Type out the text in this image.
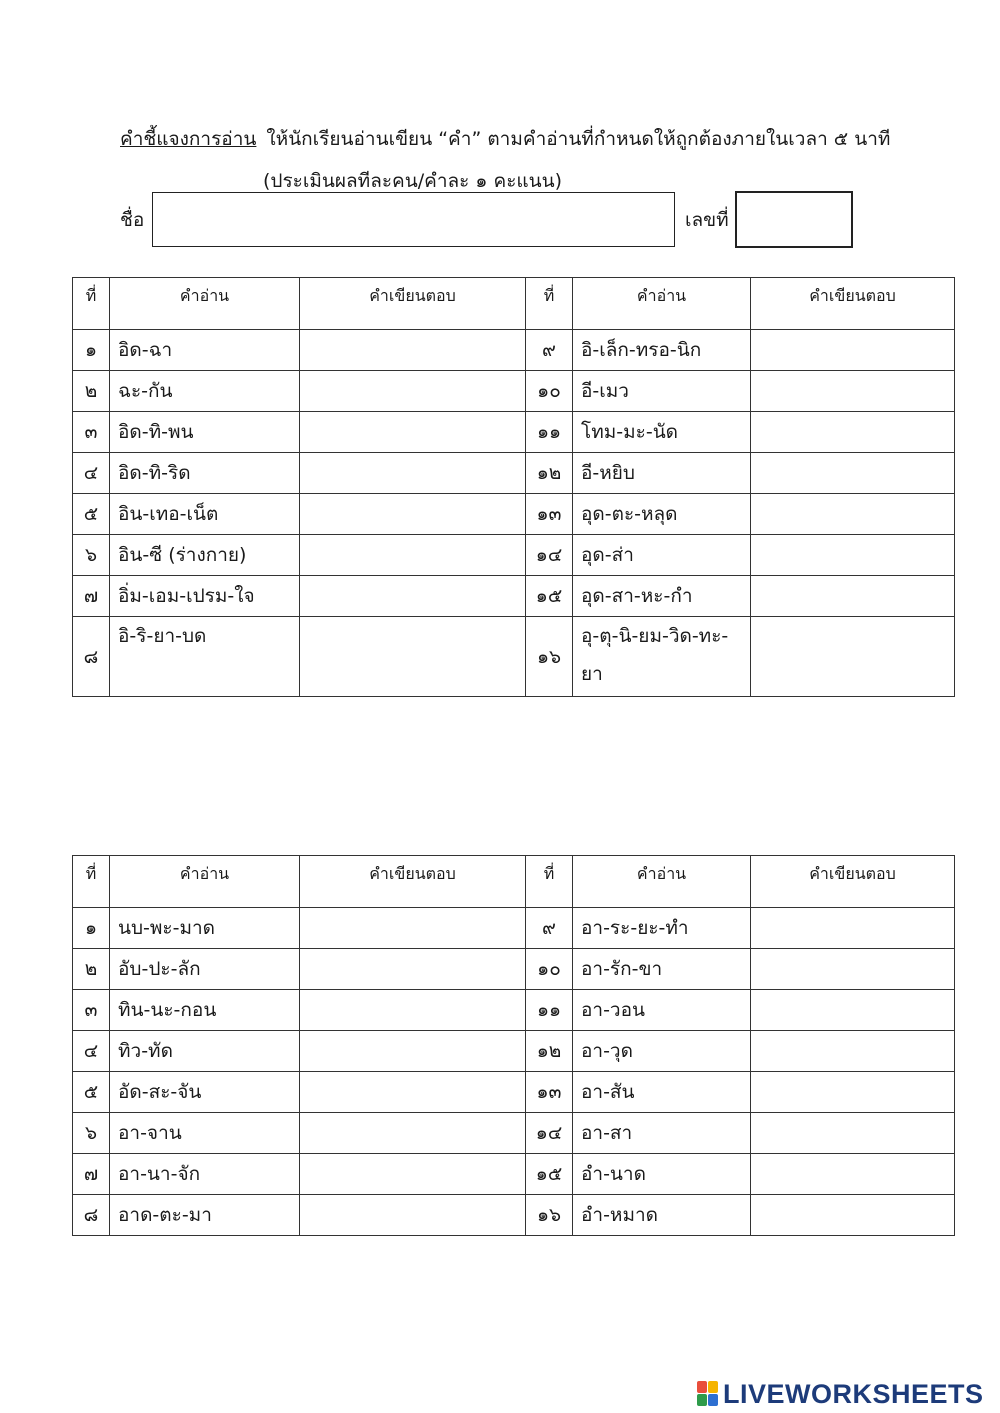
คำชี้แจงการอ่าน ให้นักเรียนอ่านเขียน “คำ” ตามคำอ่านที่กำหนดให้ถูกต้องภายในเวลา ๕ นาที
(ประเมินผลทีละคน/คำละ ๑ คะแนน)
ชื่อ	เลขที่
ที่	คำอ่าน	คำเขียนตอบ	ที่	คำอ่าน	คำเขียนตอบ
๑	อิด-ฉา		๙	อิ-เล็ก-ทรอ-นิก	
๒	ฉะ-กัน		๑๐	อี-เมว	
๓	อิด-ทิ-พน		๑๑	โทม-มะ-นัด	
๔	อิด-ทิ-ริด		๑๒	อี-หยิบ	
๕	อิน-เทอ-เน็ต		๑๓	อุด-ตะ-หลุด	
๖	อิน-ซี (ร่างกาย)		๑๔	อุด-ส่า	
๗	อิ่ม-เอม-เปรม-ใจ		๑๕	อุด-สา-หะ-กำ	
๘	อิ-ริ-ยา-บด		๑๖	อุ-ตุ-นิ-ยม-วิด-ทะ-
ยา

ที่	คำอ่าน	คำเขียนตอบ	ที่	คำอ่าน	คำเขียนตอบ
๑	นบ-พะ-มาด		๙	อา-ระ-ยะ-ทำ	
๒	อับ-ปะ-ลัก		๑๐	อา-รัก-ขา	
๓	ทิน-นะ-กอน		๑๑	อา-วอน	
๔	ทิว-ทัด		๑๒	อา-วุด	
๕	อัด-สะ-จัน		๑๓	อา-สัน	
๖	อา-จาน		๑๔	อา-สา	
๗	อา-นา-จัก		๑๕	อำ-นาด	
๘	อาด-ตะ-มา		๑๖	อำ-หมาด	
LIVEWORKSHEETS
